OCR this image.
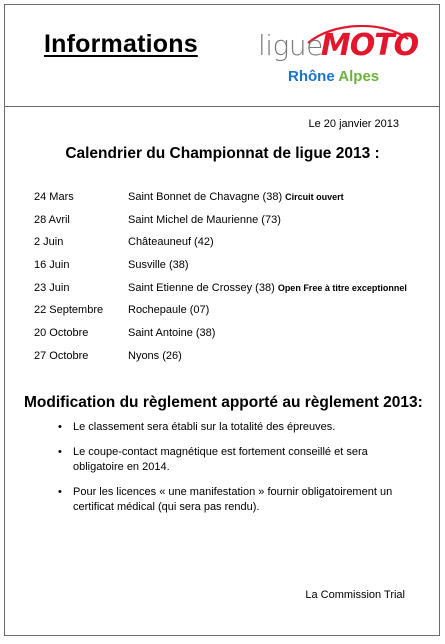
Informations ligueMOTO
Rhône Alpes
Le 20 janvier 2013
Calendrier du Championnat de ligue 2013 :
24 Mars	Saint Bonnet de Chavagne (38) Circuit ouvert
28 Avril	Saint Michel de Maurienne (73)
2 Juin	Châteauneuf (42)
16 Juin	Susville (38)
23 Juin	Saint Etienne de Crossey (38) Open Free à titre exceptionnel
22 Septembre Rochepaule (07)
20 Octobre	Saint Antoine (38)
27 Octobre	Nyons (26)
Modification du règlement apporté au règlement 2013:
• Le classement sera établi sur la totalité des épreuves.
• Le coupe-contact magnétique est fortement conseillé et sera obligatoire en 2014.
• Pour les licences « une manifestation » fournir obligatoirement un certificat médical (qui sera pas rendu).
La Commission Trial
